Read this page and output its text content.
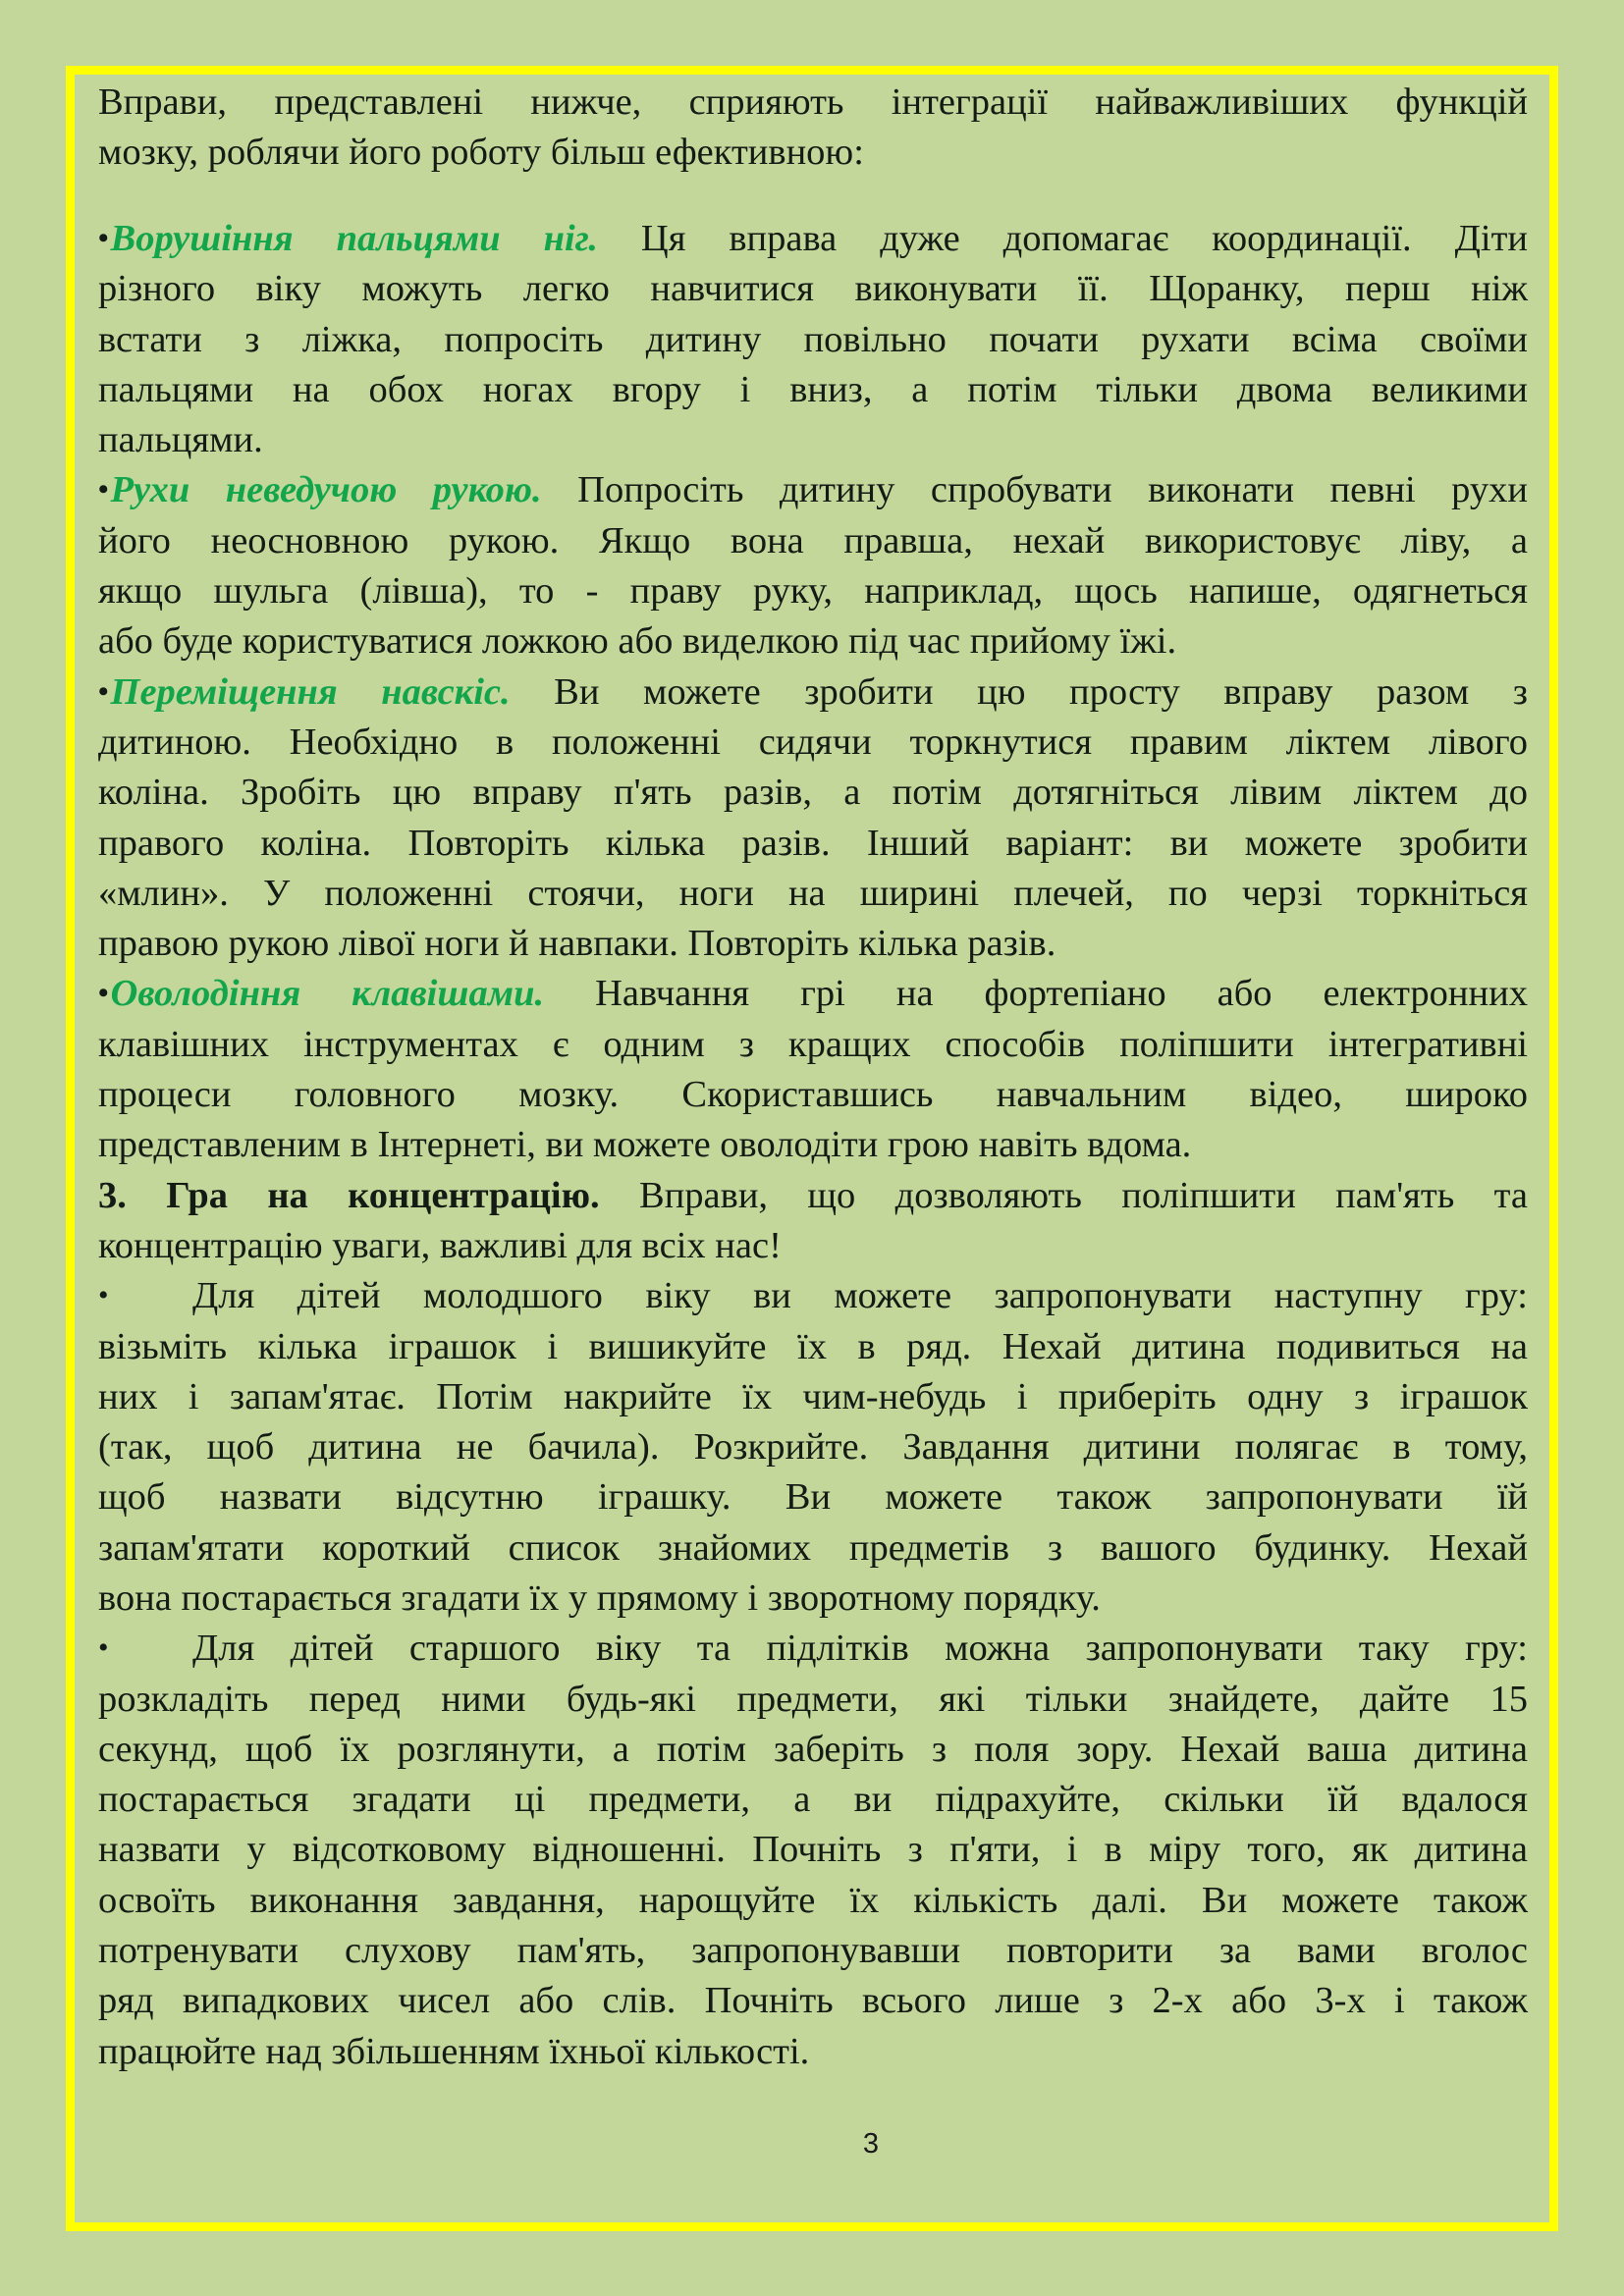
Вправи, представлені нижче, сприяють інтеграції найважливіших функцій
мозку, роблячи його роботу більш ефективною:
•Ворушіння пальцями ніг. Ця вправа дуже допомагає координації. Діти
різного віку можуть легко навчитися виконувати її. Щоранку, перш ніж
встати з ліжка, попросіть дитину повільно почати рухати всіма своїми
пальцями на обох ногах вгору і вниз, а потім тільки двома великими
пальцями.
•Рухи неведучою рукою. Попросіть дитину спробувати виконати певні рухи
його неосновною рукою. Якщо вона правша, нехай використовує ліву, а
якщо шульга (лівша), то - праву руку, наприклад, щось напише, одягнеться
або буде користуватися ложкою або виделкою під час прийому їжі.
•Переміщення навскіс. Ви можете зробити цю просту вправу разом з
дитиною. Необхідно в положенні сидячи торкнутися правим ліктем лівого
коліна. Зробіть цю вправу п'ять разів, а потім дотягніться лівим ліктем до
правого коліна. Повторіть кілька разів. Інший варіант: ви можете зробити
«млин». У положенні стоячи, ноги на ширині плечей, по черзі торкніться
правою рукою лівої ноги й навпаки. Повторіть кілька разів.
•Оволодіння клавішами. Навчання грі на фортепіано або електронних
клавішних інструментах є одним з кращих способів поліпшити інтегративні
процеси головного мозку. Скориставшись навчальним відео, широко
представленим в Інтернеті, ви можете оволодіти грою навіть вдома.
3. Гра на концентрацію. Вправи, що дозволяють поліпшити пам'ять та
концентрацію уваги, важливі для всіх нас!
• Для дітей молодшого віку ви можете запропонувати наступну гру:
візьміть кілька іграшок і вишикуйте їх в ряд. Нехай дитина подивиться на
них і запам'ятає. Потім накрийте їх чим-небудь і приберіть одну з іграшок
(так, щоб дитина не бачила). Розкрийте. Завдання дитини полягає в тому,
щоб назвати відсутню іграшку. Ви можете також запропонувати їй
запам'ятати короткий список знайомих предметів з вашого будинку. Нехай
вона постарається згадати їх у прямому і зворотному порядку.
• Для дітей старшого віку та підлітків можна запропонувати таку гру:
розкладіть перед ними будь-які предмети, які тільки знайдете, дайте 15
секунд, щоб їх розглянути, а потім заберіть з поля зору. Нехай ваша дитина
постарається згадати ці предмети, а ви підрахуйте, скільки їй вдалося
назвати у відсотковому відношенні. Почніть з п'яти, і в міру того, як дитина
освоїть виконання завдання, нарощуйте їх кількість далі. Ви можете також
потренувати слухову пам'ять, запропонувавши повторити за вами вголос
ряд випадкових чисел або слів. Почніть всього лише з 2-х або 3-х і також
працюйте над збільшенням їхньої кількості.
3
